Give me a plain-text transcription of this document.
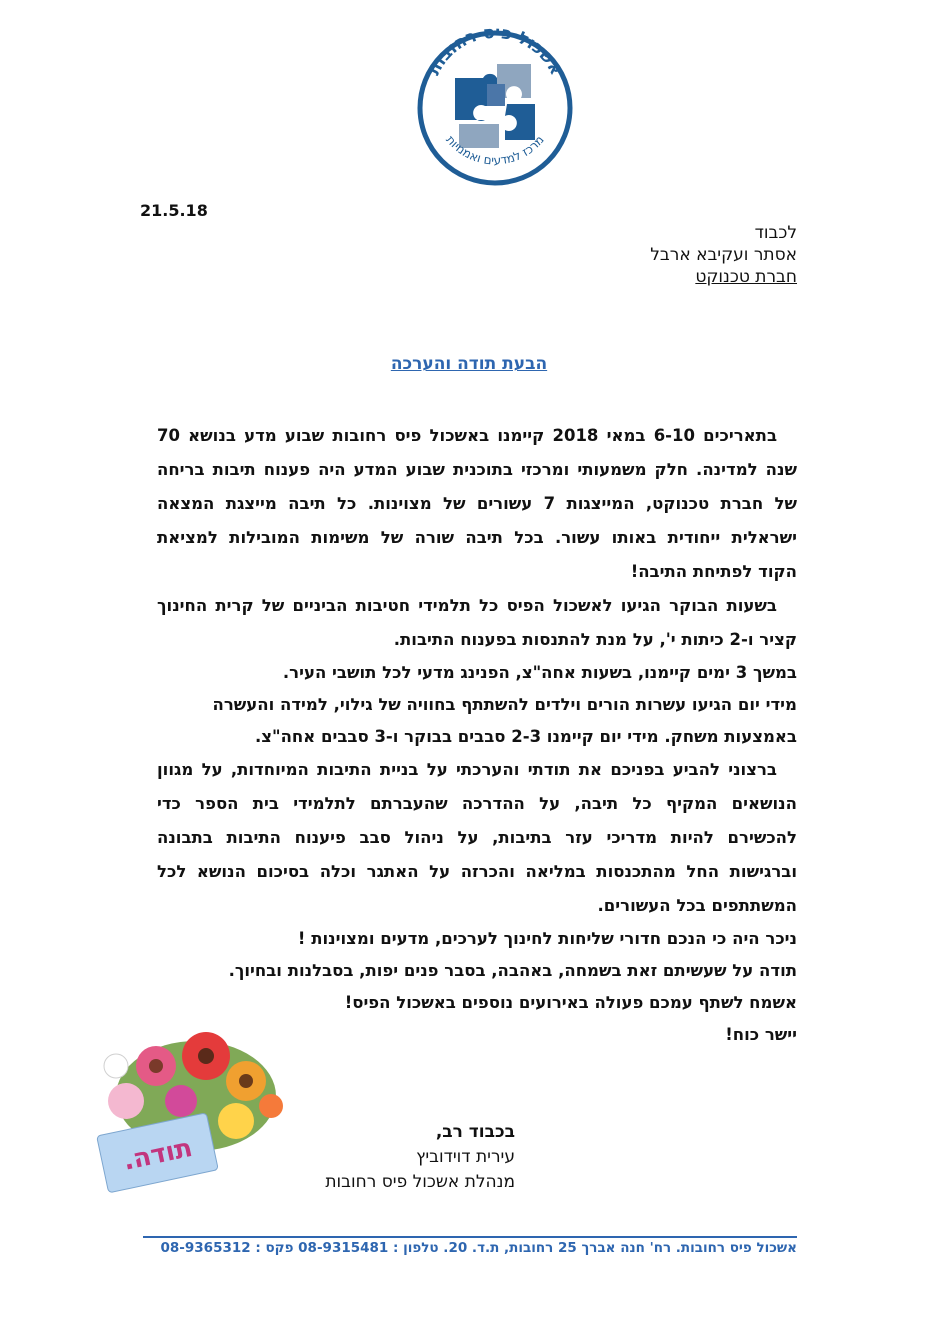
אשכול פיס רחובות
מרכז למדעים ואמנויות
21.5.18
לכבוד
אסתר ועקיבא ארבל
חברת טכנוקט
הבעת תודה והערכה
בתאריכים 6-10 במאי 2018 קיימנו באשכול פיס רחובות שבוע מדע בנושא 70
שנה למדינה. חלק משמעותי ומרכזי בתוכנית שבוע המדע היה פענוח תיבות בריחה
של חברת טכנוקט, המייצגות 7 עשורים של מצוינות. כל תיבה מייצגת המצאה
ישראלית ייחודית באותו עשור. בכל תיבה שורה של משימות המובילות למציאת
הקוד לפתיחת התיבה!
בשעות הבוקר הגיעו לאשכול הפיס כל תלמידי חטיבות הביניים של קרית החינוך
קציר ו-2 כיתות י', על מנת להתנסות בפענוח התיבות.
במשך 3 ימים קיימנו, בשעות אחה"צ, הפנינג מדעי לכל תושבי העיר.
מידי יום הגיעו עשרות הורים וילדים להשתתף בחוויה של גילוי, למידה והעשרה
באמצעות משחק. מידי יום קיימנו 2-3 סבבים בבוקר ו-3 סבבים אחה"צ.
ברצוני להביע בפניכם את תודתי והערכתי על בניית התיבות המיוחדות, על מגוון
הנושאים המקיף כל תיבה, על ההדרכה שהעברתם לתלמידי בית הספר כדי
להכשירם להיות מדריכי עזר בתיבות, על ניהול סבב פיענוח התיבות בתבונה
וברגישות החל מהתכנסות במליאה והכרזה על האתגר וכלה בסיכום הנושא לכל
המשתתפים בכל העשורים.
ניכר היה כי הנכם חדורי שליחות לחינוך לערכים, מדעים ומצוינות !
תודה על שעשיתם זאת בשמחה, באהבה, בסבר פנים יפות, בסבלנות ובחיוך.
אשמח לשתף עמכם פעולה באירועים נוספים באשכול הפיס!
יישר כוח!
תודה.
בכבוד רב,
עירית דוידוביץ
מנהלת אשכול פיס רחובות
אשכול פיס רחובות. רח' חנה אברך 25 רחובות, ת.ד. 20. טלפון : 08-9315481 פקס : 08-9365312
